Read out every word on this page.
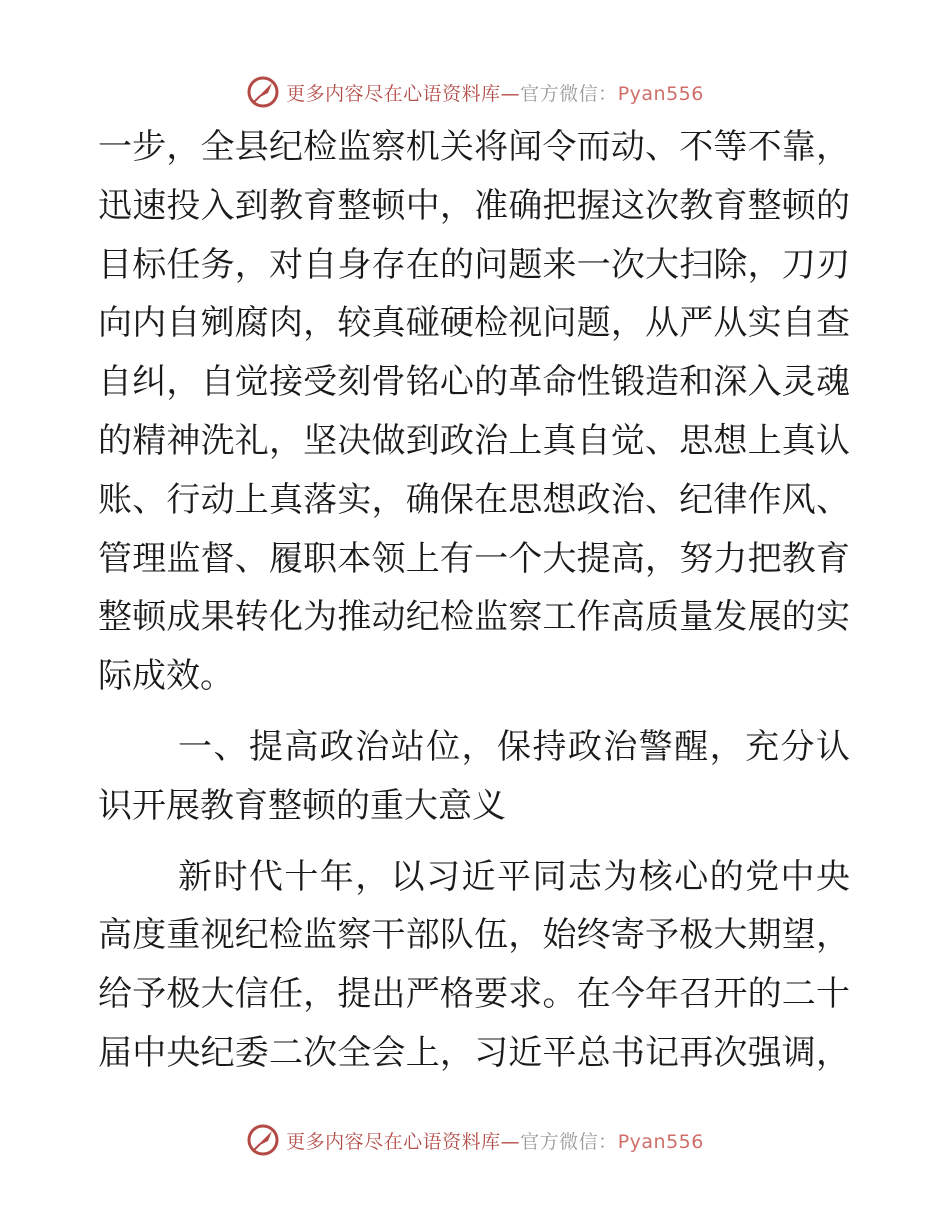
更多内容尽在心语资料库—官方微信：Pyan556
一步，全县纪检监察机关将闻令而动、不等不靠，
迅速投入到教育整顿中，准确把握这次教育整顿的
目标任务，对自身存在的问题来一次大扫除，刀刃
向内自剜腐肉，较真碰硬检视问题，从严从实自查
自纠，自觉接受刻骨铭心的革命性锻造和深入灵魂
的精神洗礼，坚决做到政治上真自觉、思想上真认
账、行动上真落实，确保在思想政治、纪律作风、
管理监督、履职本领上有一个大提高，努力把教育
整顿成果转化为推动纪检监察工作高质量发展的实
际成效。
一、提高政治站位，保持政治警醒，充分认
识开展教育整顿的重大意义
新时代十年，以习近平同志为核心的党中央
高度重视纪检监察干部队伍，始终寄予极大期望，
给予极大信任，提出严格要求。在今年召开的二十
届中央纪委二次全会上，习近平总书记再次强调，
更多内容尽在心语资料库—官方微信：Pyan556
